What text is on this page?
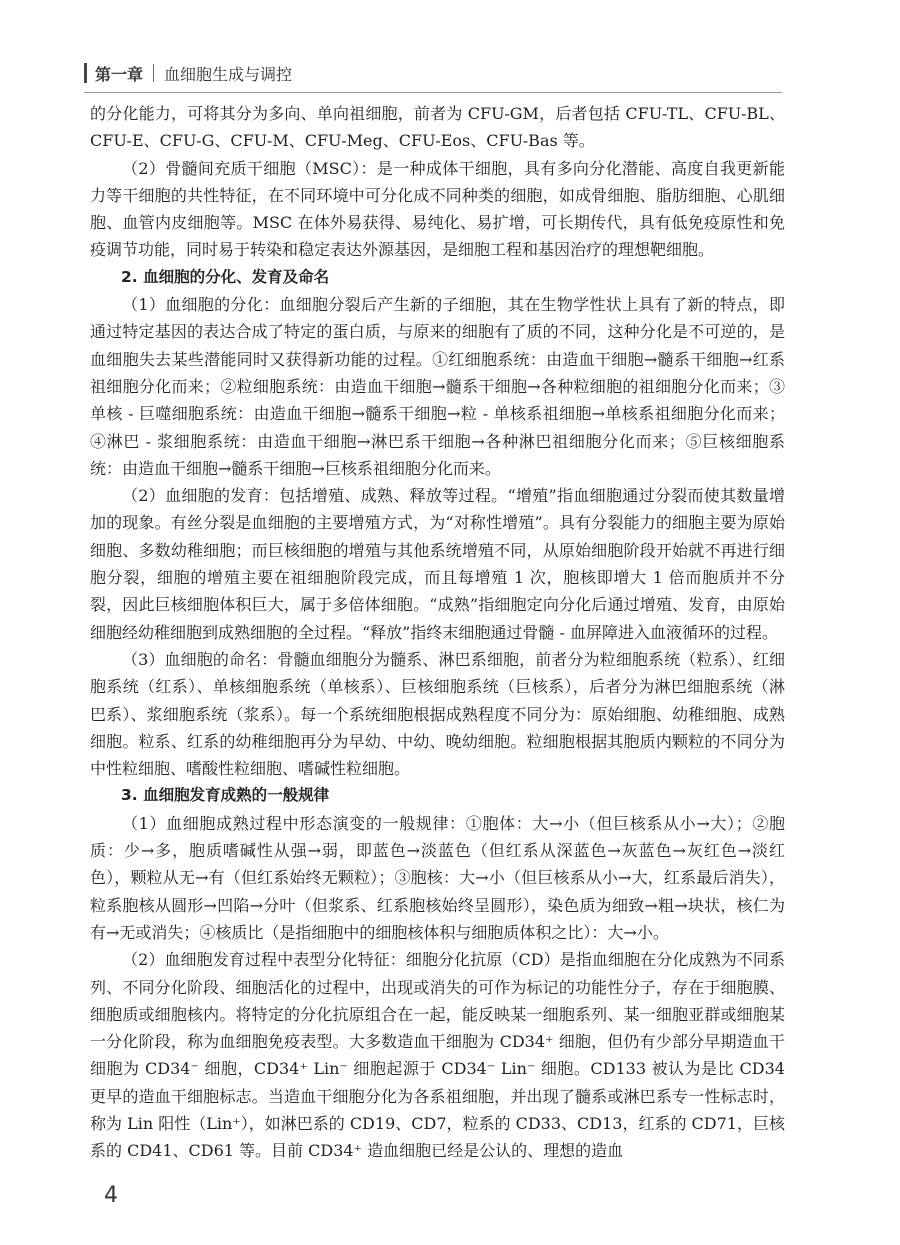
第一章 血细胞生成与调控

的分化能力，可将其分为多向、单向祖细胞，前者为 CFU-GM，后者包括 CFU-TL、CFU-BL、CFU-E、CFU-G、CFU-M、CFU-Meg、CFU-Eos、CFU-Bas 等。

（2）骨髓间充质干细胞（MSC）：是一种成体干细胞，具有多向分化潜能、高度自我更新能力等干细胞的共性特征，在不同环境中可分化成不同种类的细胞，如成骨细胞、脂肪细胞、心肌细胞、血管内皮细胞等。MSC 在体外易获得、易纯化、易扩增，可长期传代，具有低免疫原性和免疫调节功能，同时易于转染和稳定表达外源基因，是细胞工程和基因治疗的理想靶细胞。

2. 血细胞的分化、发育及命名

（1）血细胞的分化：血细胞分裂后产生新的子细胞，其在生物学性状上具有了新的特点，即通过特定基因的表达合成了特定的蛋白质，与原来的细胞有了质的不同，这种分化是不可逆的，是血细胞失去某些潜能同时又获得新功能的过程。①红细胞系统：由造血干细胞→髓系干细胞→红系祖细胞分化而来；②粒细胞系统：由造血干细胞→髓系干细胞→各种粒细胞的祖细胞分化而来；③单核 - 巨噬细胞系统：由造血干细胞→髓系干细胞→粒 - 单核系祖细胞→单核系祖细胞分化而来；④淋巴 - 浆细胞系统：由造血干细胞→淋巴系干细胞→各种淋巴祖细胞分化而来；⑤巨核细胞系统：由造血干细胞→髓系干细胞→巨核系祖细胞分化而来。

（2）血细胞的发育：包括增殖、成熟、释放等过程。“增殖”指血细胞通过分裂而使其数量增加的现象。有丝分裂是血细胞的主要增殖方式，为“对称性增殖”。具有分裂能力的细胞主要为原始细胞、多数幼稚细胞；而巨核细胞的增殖与其他系统增殖不同，从原始细胞阶段开始就不再进行细胞分裂，细胞的增殖主要在祖细胞阶段完成，而且每增殖 1 次，胞核即增大 1 倍而胞质并不分裂，因此巨核细胞体积巨大，属于多倍体细胞。“成熟”指细胞定向分化后通过增殖、发育，由原始细胞经幼稚细胞到成熟细胞的全过程。“释放”指终末细胞通过骨髓 - 血屏障进入血液循环的过程。

（3）血细胞的命名：骨髓血细胞分为髓系、淋巴系细胞，前者分为粒细胞系统（粒系）、红细胞系统（红系）、单核细胞系统（单核系）、巨核细胞系统（巨核系），后者分为淋巴细胞系统（淋巴系）、浆细胞系统（浆系）。每一个系统细胞根据成熟程度不同分为：原始细胞、幼稚细胞、成熟细胞。粒系、红系的幼稚细胞再分为早幼、中幼、晚幼细胞。粒细胞根据其胞质内颗粒的不同分为中性粒细胞、嗜酸性粒细胞、嗜碱性粒细胞。

3. 血细胞发育成熟的一般规律

（1）血细胞成熟过程中形态演变的一般规律：①胞体：大→小（但巨核系从小→大）；②胞质：少→多，胞质嗜碱性从强→弱，即蓝色→淡蓝色（但红系从深蓝色→灰蓝色→灰红色→淡红色），颗粒从无→有（但红系始终无颗粒）；③胞核：大→小（但巨核系从小→大，红系最后消失），粒系胞核从圆形→凹陷→分叶（但浆系、红系胞核始终呈圆形），染色质为细致→粗→块状，核仁为有→无或消失；④核质比（是指细胞中的细胞核体积与细胞质体积之比）：大→小。

（2）血细胞发育过程中表型分化特征：细胞分化抗原（CD）是指血细胞在分化成熟为不同系列、不同分化阶段、细胞活化的过程中，出现或消失的可作为标记的功能性分子，存在于细胞膜、细胞质或细胞核内。将特定的分化抗原组合在一起，能反映某一细胞系列、某一细胞亚群或细胞某一分化阶段，称为血细胞免疫表型。大多数造血干细胞为 CD34⁺ 细胞，但仍有少部分早期造血干细胞为 CD34⁻ 细胞，CD34⁺ Lin⁻ 细胞起源于 CD34⁻ Lin⁻ 细胞。CD133 被认为是比 CD34 更早的造血干细胞标志。当造血干细胞分化为各系祖细胞，并出现了髓系或淋巴系专一性标志时，称为 Lin 阳性（Lin⁺），如淋巴系的 CD19、CD7，粒系的 CD33、CD13，红系的 CD71，巨核系的 CD41、CD61 等。目前 CD34⁺ 造血细胞已经是公认的、理想的造血

4
